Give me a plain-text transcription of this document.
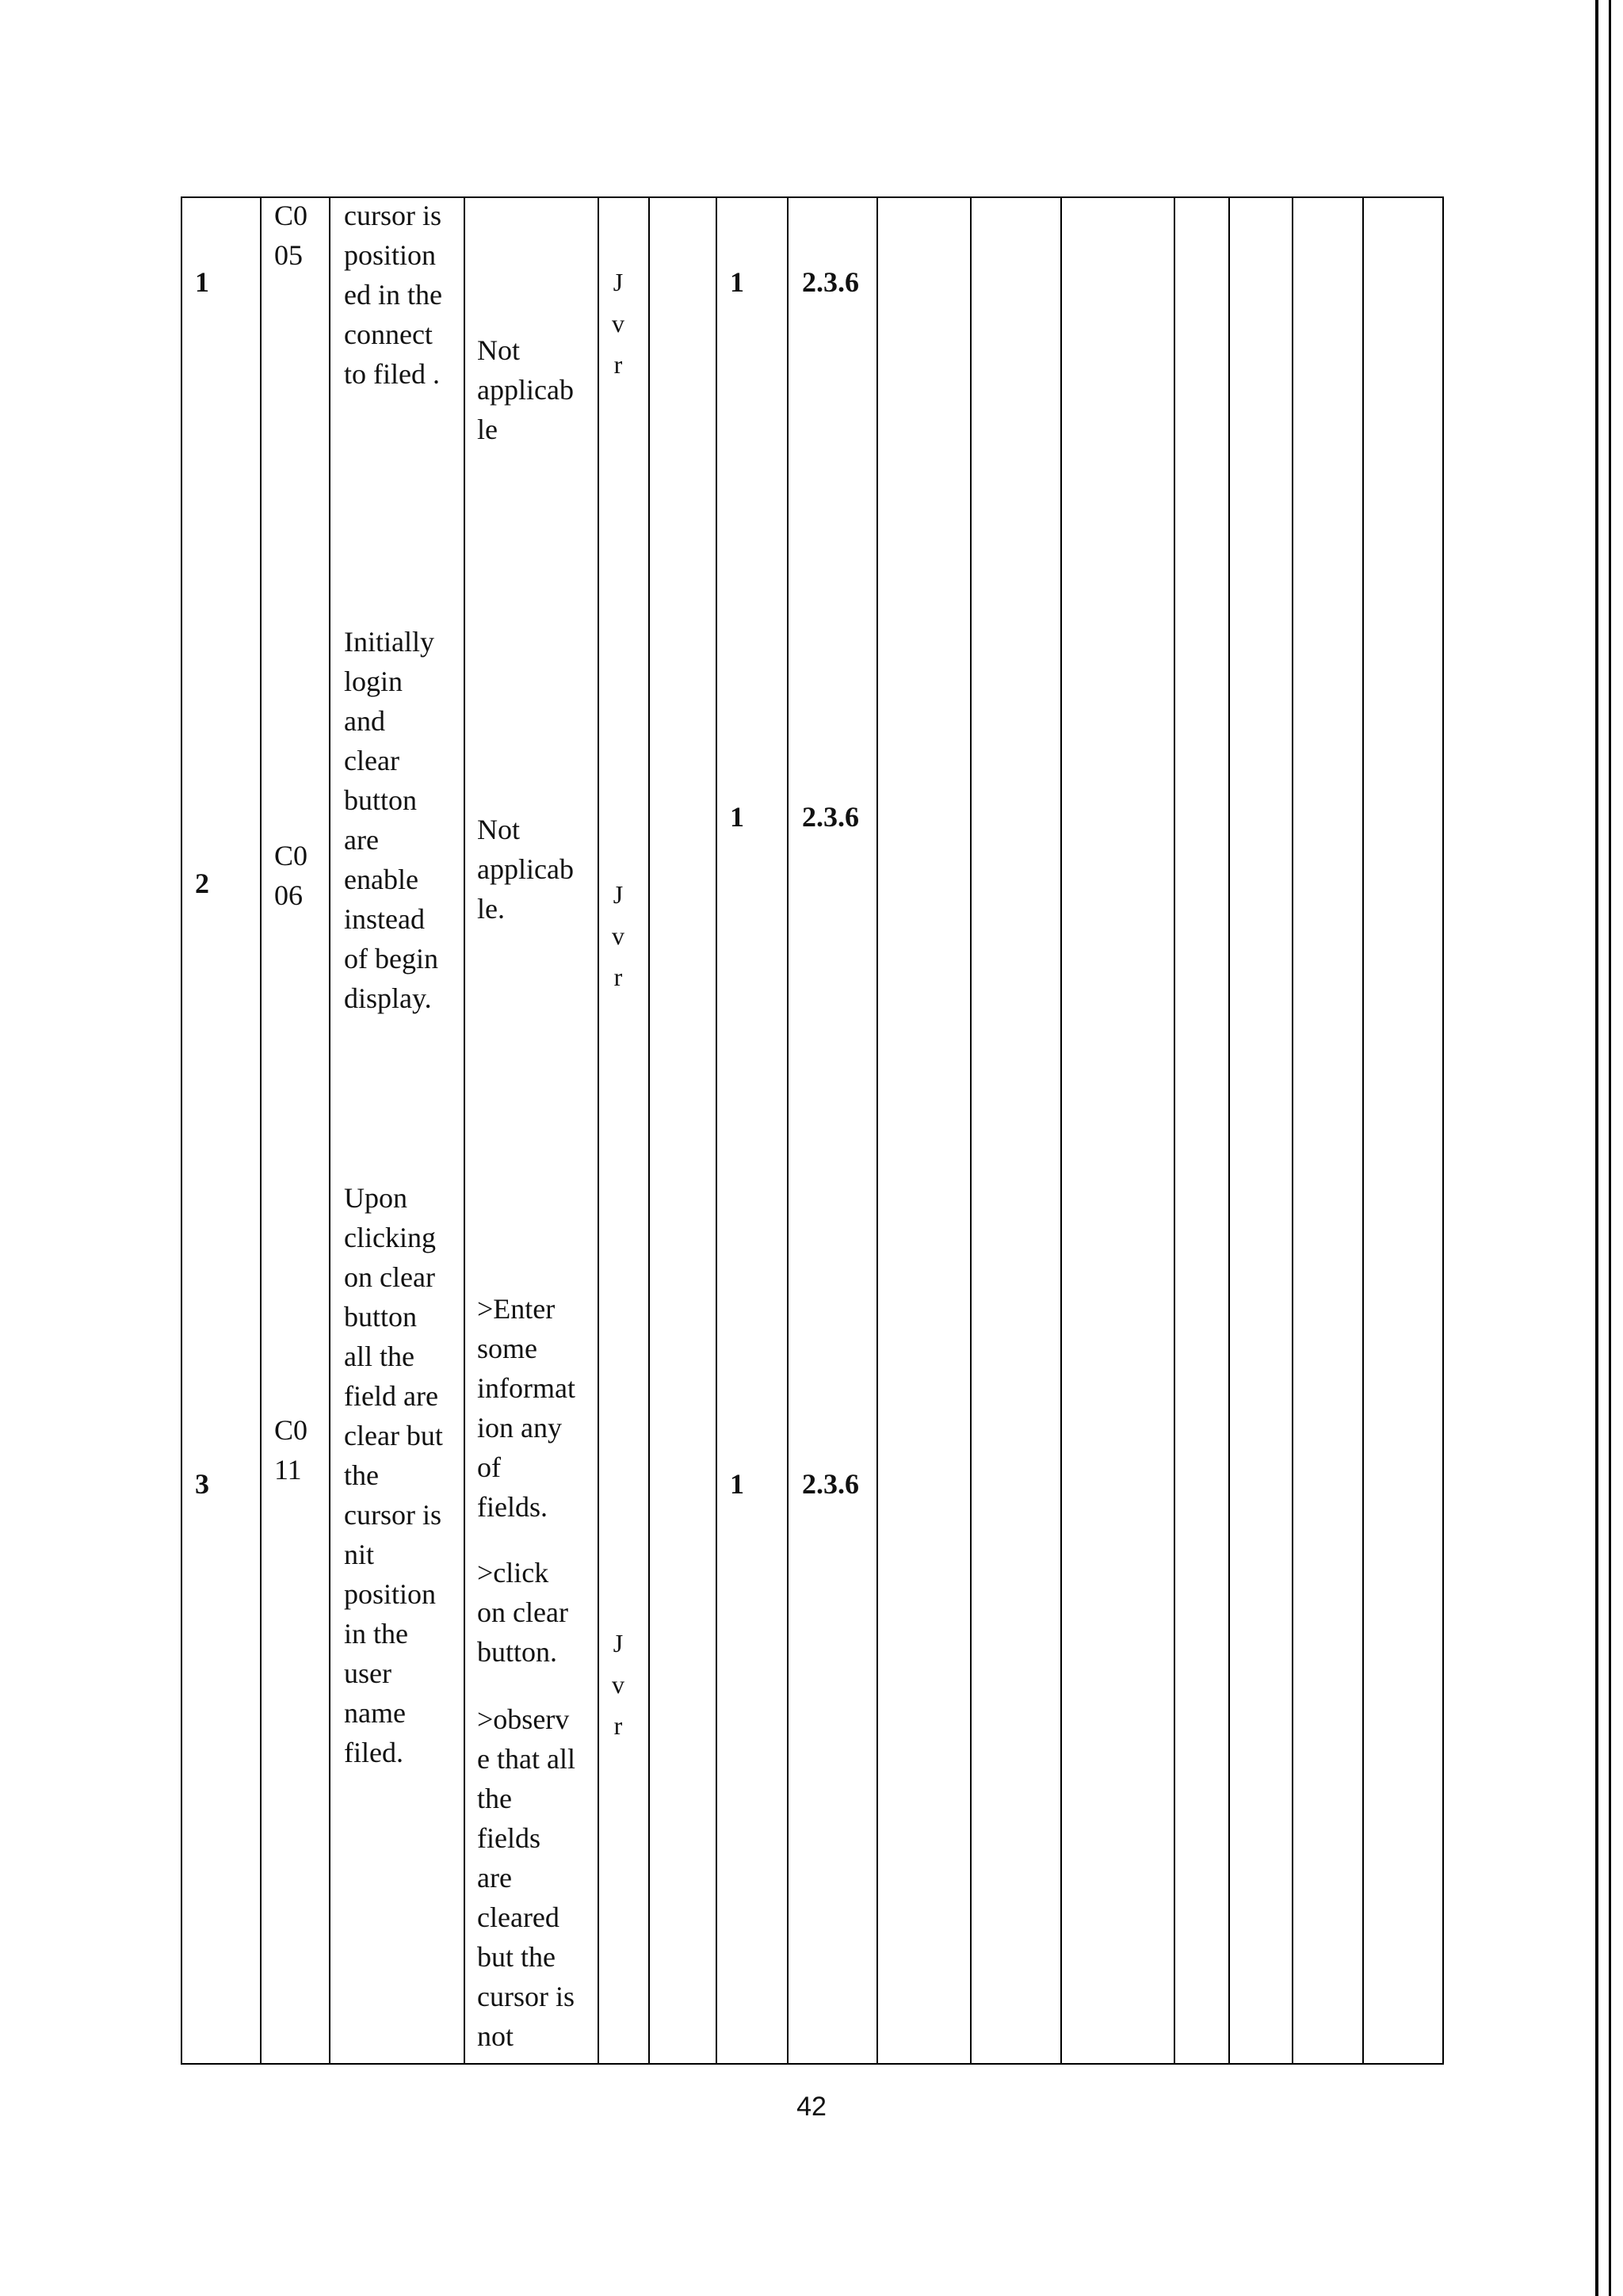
1
C0
05
cursor is
position
ed in the
connect
to filed .
Not
applicab
le
J
v
r
1 2.3.6
2
C0
06
Initially
login
and
clear
button
are
enable
instead
of begin
display.
Not
applicab
le.	J
v
r
1 2.3.6
3
C0
11
Upon
clicking
on clear
button
all the
field are
clear but
the
cursor is
nit
position
in the
user
name
filed.
>Enter
some
informat
ion any
of
fields.
>click
on clear
button.
>observ
e that all
the
fields
are
cleared
but the
cursor is
not
J
v
r
1 2.3.6
42
